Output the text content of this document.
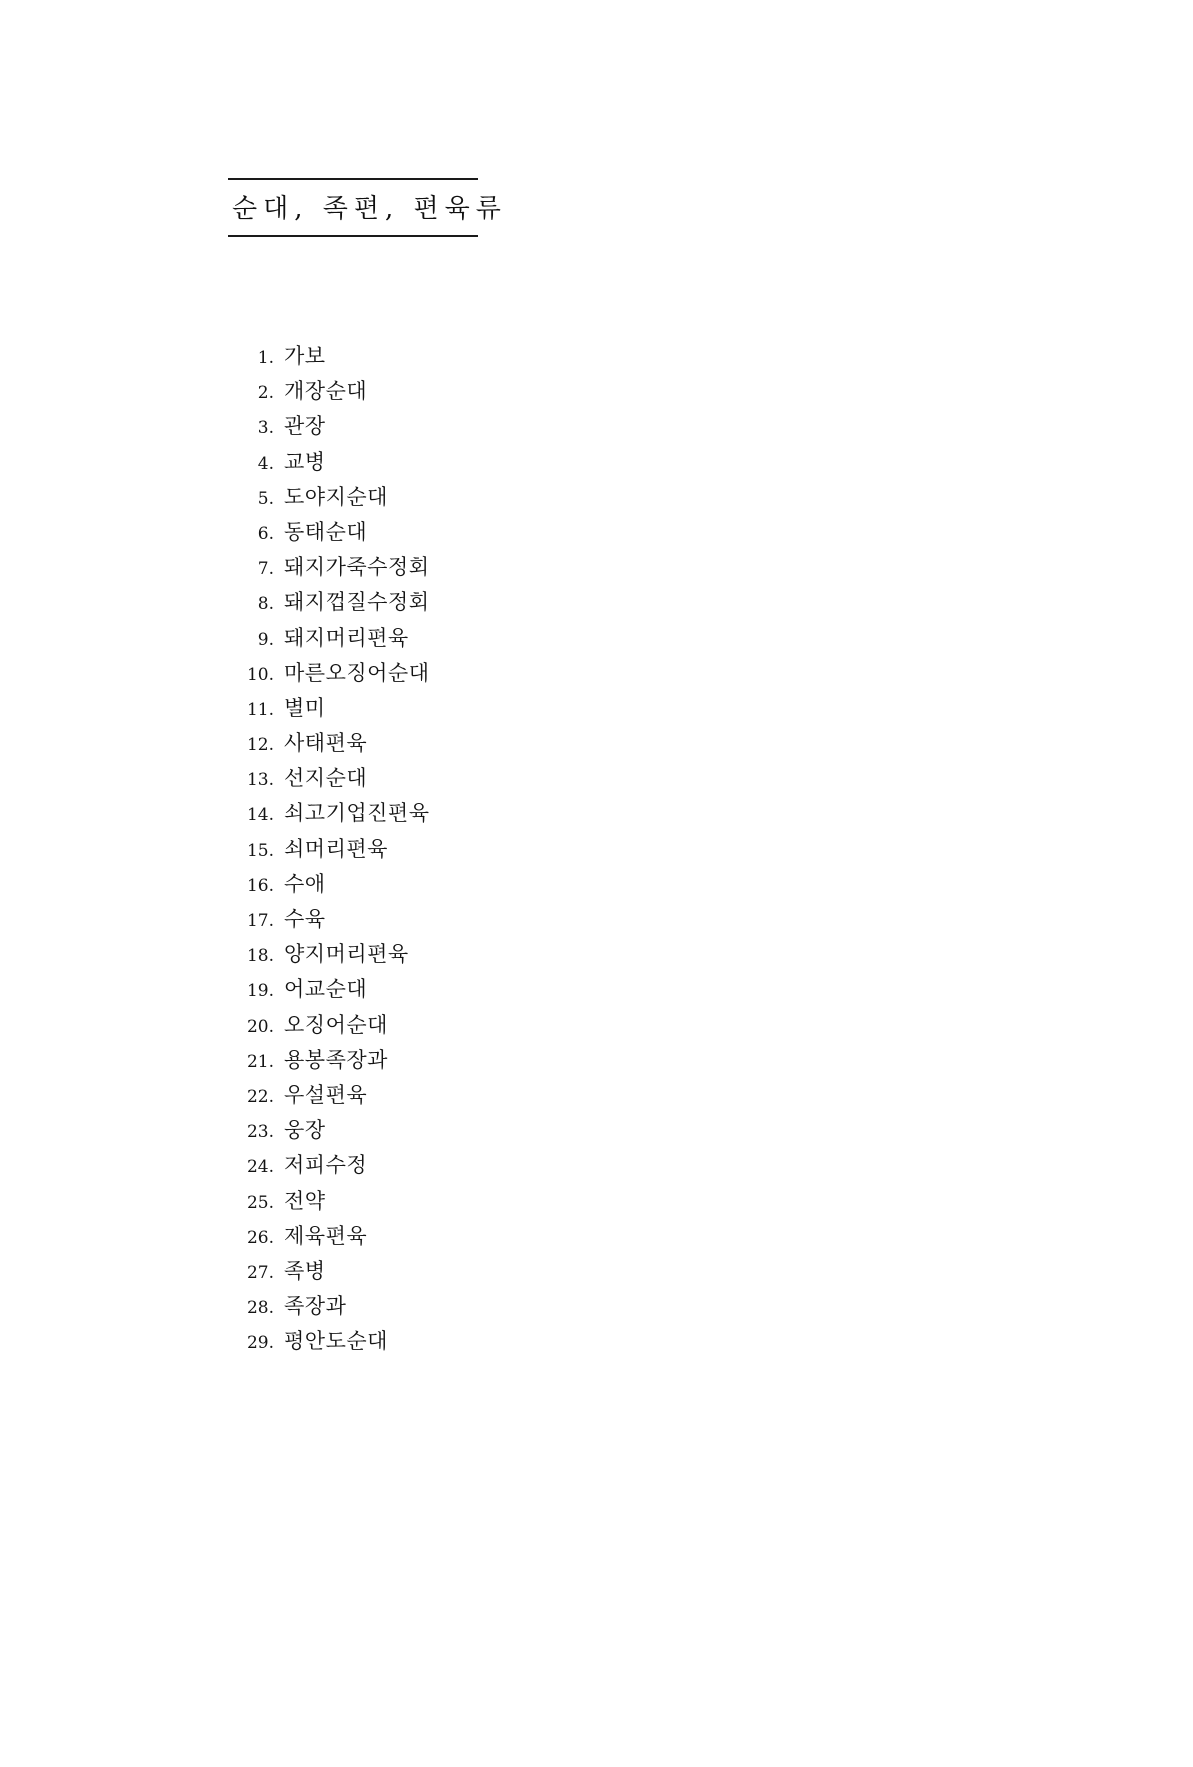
순대, 족편, 편육류
1. 가보
2. 개장순대
3. 관장
4. 교병
5. 도야지순대
6. 동태순대
7. 돼지가죽수정회
8. 돼지껍질수정회
9. 돼지머리편육
10. 마른오징어순대
11. 별미
12. 사태편육
13. 선지순대
14. 쇠고기업진편육
15. 쇠머리편육
16. 수애
17. 수육
18. 양지머리편육
19. 어교순대
20. 오징어순대
21. 용봉족장과
22. 우설편육
23. 웅장
24. 저피수정
25. 전약
26. 제육편육
27. 족병
28. 족장과
29. 평안도순대
